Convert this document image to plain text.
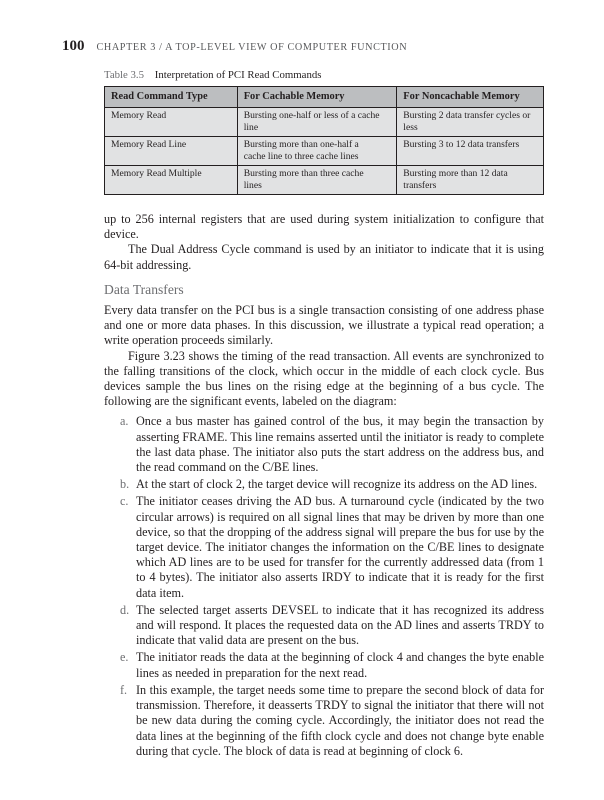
100 CHAPTER 3 / A TOP-LEVEL VIEW OF COMPUTER FUNCTION
Table 3.5 Interpretation of PCI Read Commands
Read Command Type	For Cachable Memory	For Noncachable Memory
Memory Read	Bursting one-half or less of a cache line	Bursting 2 data transfer cycles or less
Memory Read Line	Bursting more than one-half a cache line to three cache lines	Bursting 3 to 12 data transfers
Memory Read Multiple	Bursting more than three cache lines	Bursting more than 12 data transfers

up to 256 internal registers that are used during system initialization to configure that device.

The Dual Address Cycle command is used by an initiator to indicate that it is using 64-bit addressing.

Data Transfers

Every data transfer on the PCI bus is a single transaction consisting of one address phase and one or more data phases. In this discussion, we illustrate a typical read operation; a write operation proceeds similarly.

Figure 3.23 shows the timing of the read transaction. All events are synchronized to the falling transitions of the clock, which occur in the middle of each clock cycle. Bus devices sample the bus lines on the rising edge at the beginning of a bus cycle. The following are the significant events, labeled on the diagram:

a. Once a bus master has gained control of the bus, it may begin the transaction by asserting FRAME. This line remains asserted until the initiator is ready to complete the last data phase. The initiator also puts the start address on the address bus, and the read command on the C/BE lines.
b. At the start of clock 2, the target device will recognize its address on the AD lines.
c. The initiator ceases driving the AD bus. A turnaround cycle (indicated by the two circular arrows) is required on all signal lines that may be driven by more than one device, so that the dropping of the address signal will prepare the bus for use by the target device. The initiator changes the information on the C/BE lines to designate which AD lines are to be used for transfer for the currently addressed data (from 1 to 4 bytes). The initiator also asserts IRDY to indicate that it is ready for the first data item.
d. The selected target asserts DEVSEL to indicate that it has recognized its address and will respond. It places the requested data on the AD lines and asserts TRDY to indicate that valid data are present on the bus.
e. The initiator reads the data at the beginning of clock 4 and changes the byte enable lines as needed in preparation for the next read.
f. In this example, the target needs some time to prepare the second block of data for transmission. Therefore, it deasserts TRDY to signal the initiator that there will not be new data during the coming cycle. Accordingly, the initiator does not read the data lines at the beginning of the fifth clock cycle and does not change byte enable during that cycle. The block of data is read at beginning of clock 6.
